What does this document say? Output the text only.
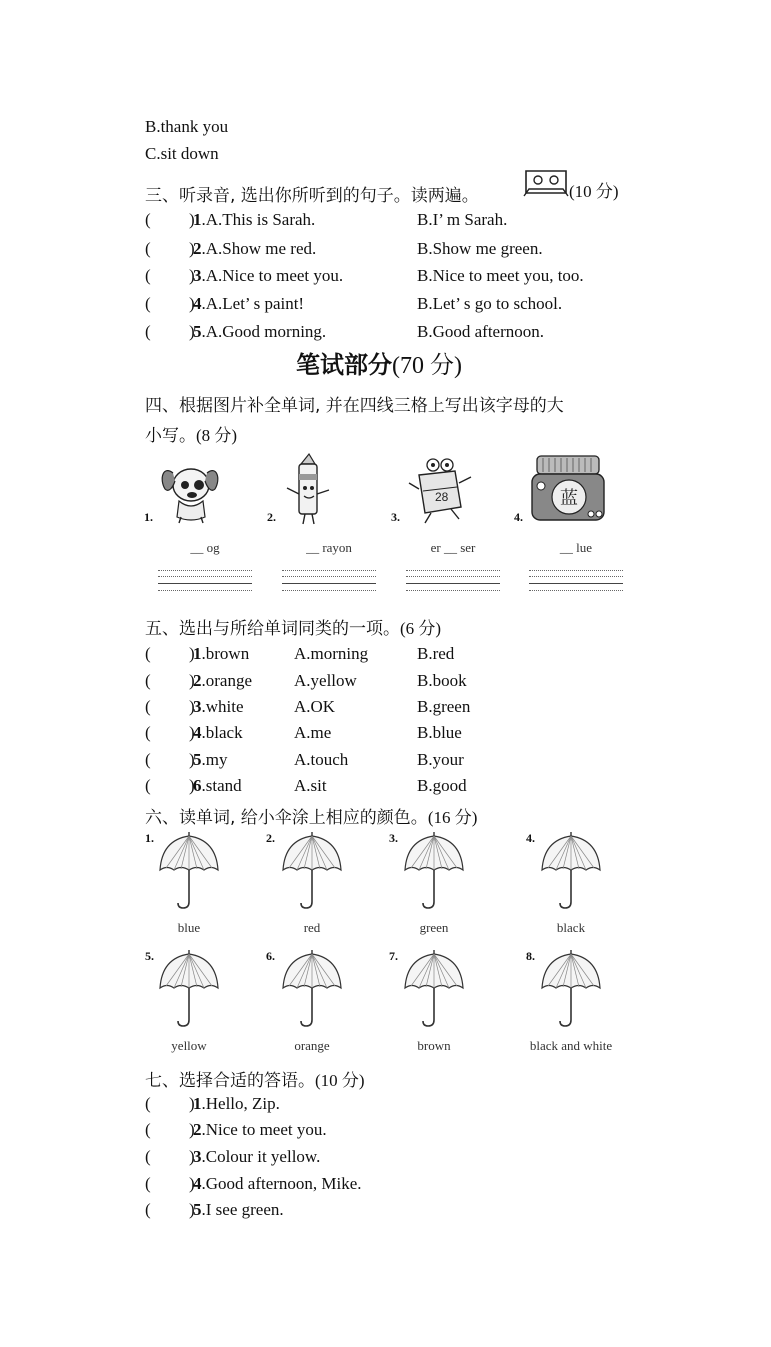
B.thank you
C.sit down
三、听录音, 选出你所听到的句子。读两遍。	(10 分)
( )
1.A.This is Sarah.	B.I’ m Sarah.
( )
2.A.Show me red.	B.Show me green.
( )
3.A.Nice to meet you.	B.Nice to meet you, too.
( )
4.A.Let’ s paint!	B.Let’ s go to school.
( )
5.A.Good morning.	B.Good afternoon.
笔试部分(70 分)
四、根据图片补全单词, 并在四线三格上写出该字母的大
小写。(8 分)
1.	2.
28
3.
蓝
4.
__ og	__ rayon	er __ ser	__ lue
五、选出与所给单词同类的一项。(6 分)
( )
1.brown	A.morning	B.red
( )
2.orange A.yellow	B.book
( )
3.white	A.OK	B.green
( )
4.black	A.me	B.blue
( )
5.my	A.touch	B.your
( )
6.stand	A.sit	B.good
六、读单词, 给小伞涂上相应的颜色。(16 分)
1.
blue
2.
red
3.
green
4.
black
5.
yellow
6.
orange
7.
brown
8.
black and white
七、选择合适的答语。(10 分)
( )
1.Hello, Zip.
( )
2.Nice to meet you.
( )
3.Colour it yellow.
( )
4.Good afternoon, Mike.
( )
5.I see green.
